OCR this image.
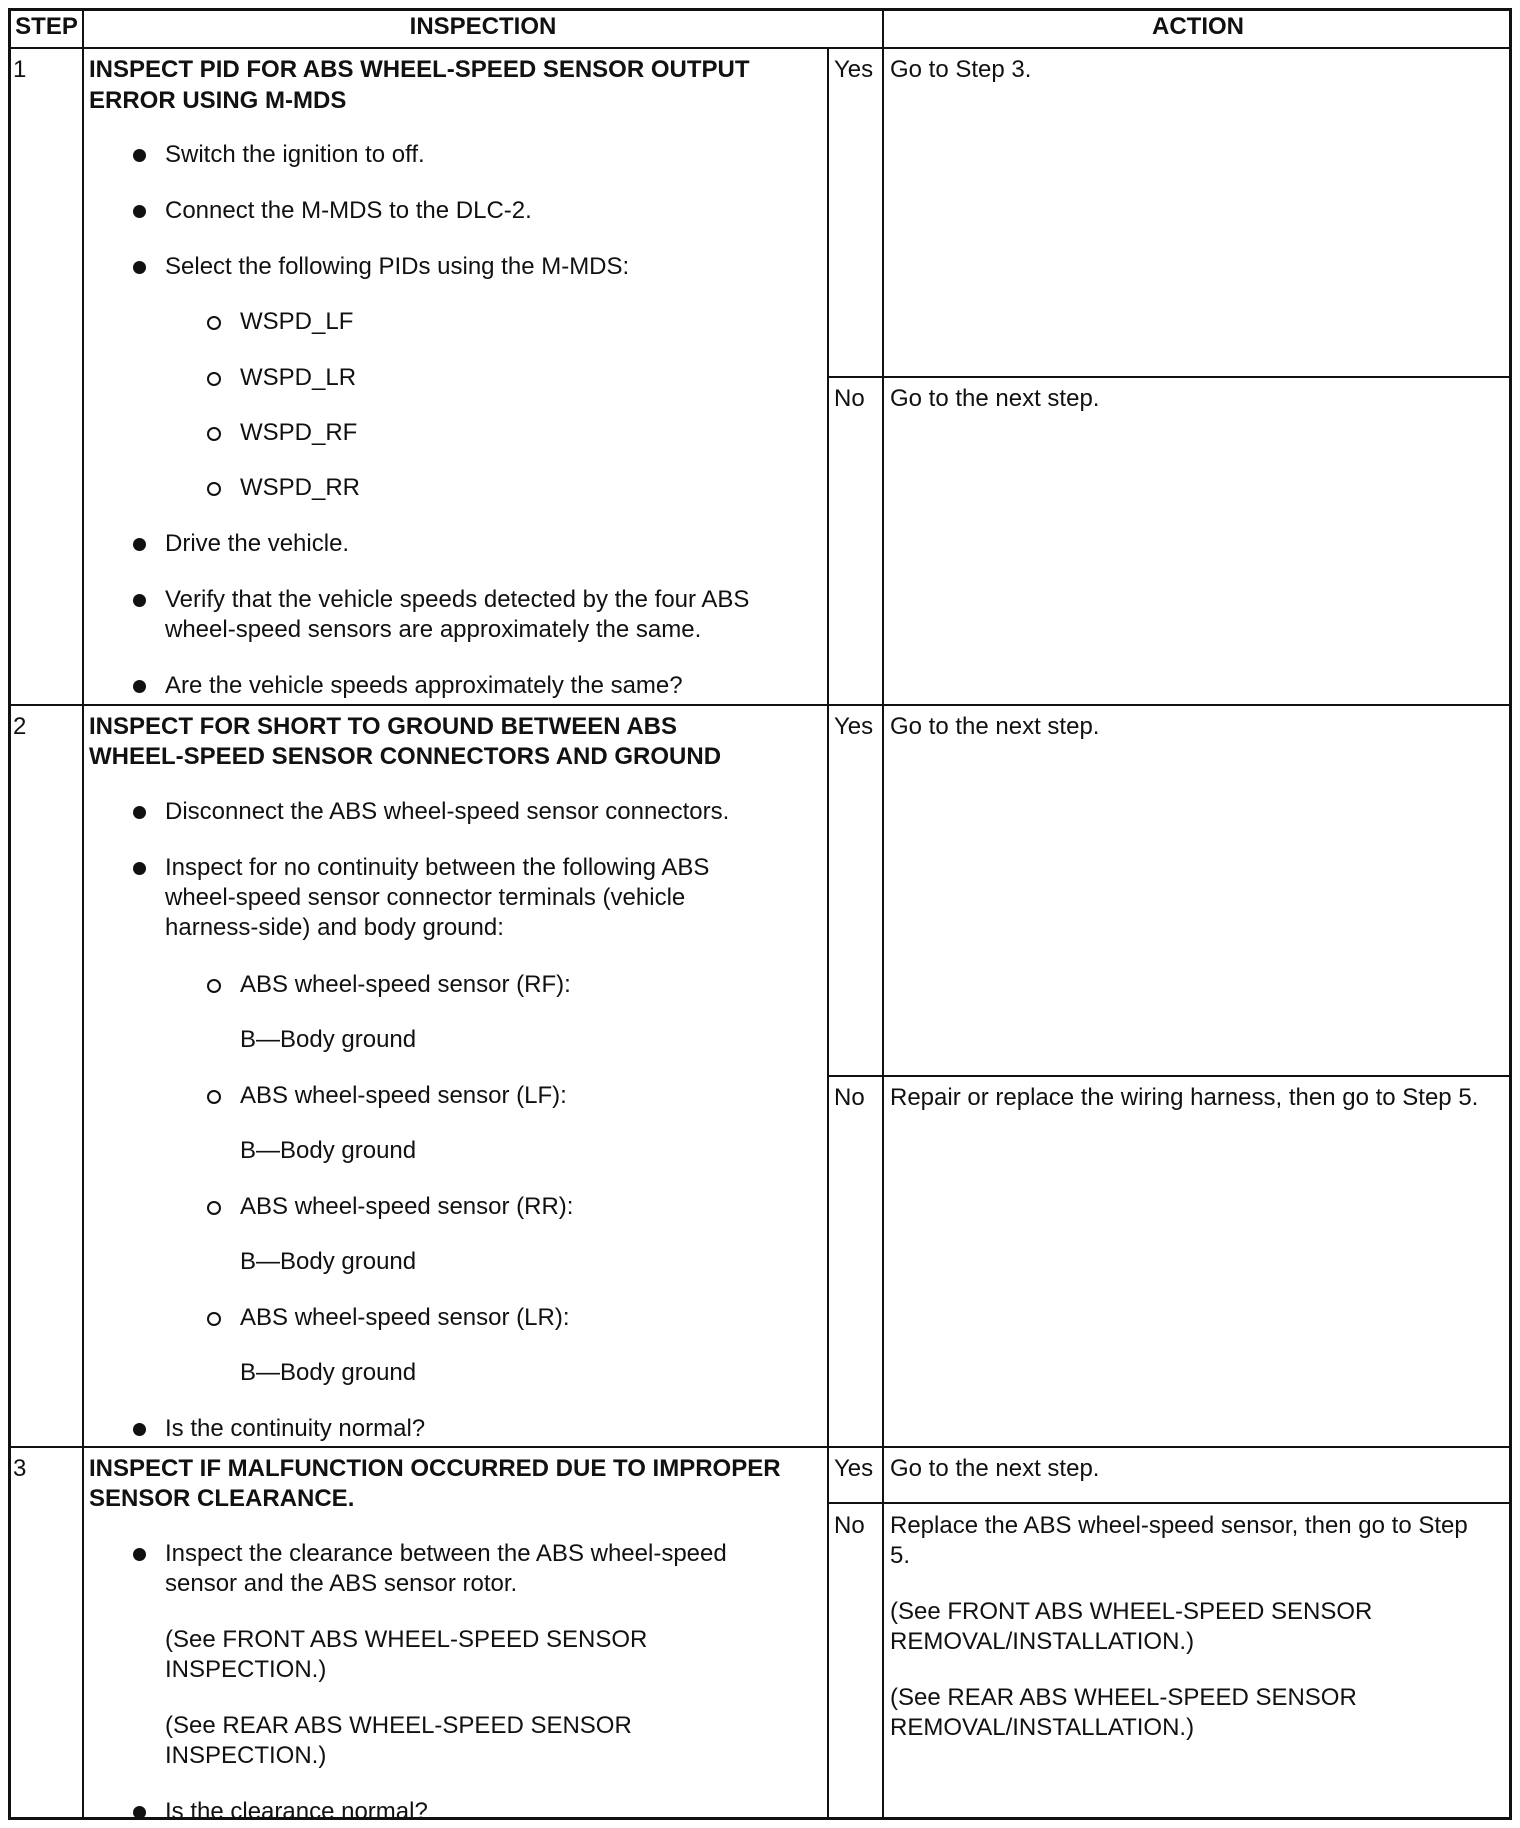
STEP	INSPECTION	ACTION
1	INSPECT PID FOR ABS WHEEL-SPEED SENSOR OUTPUT
ERROR USING M-MDS
Switch the ignition to off.
Connect the M-MDS to the DLC-2.
Select the following PIDs using the M-MDS:
WSPD_LF
WSPD_LR
WSPD_RF
WSPD_RR
Drive the vehicle.
Verify that the vehicle speeds detected by the four ABS
wheel-speed sensors are approximately the same.
Are the vehicle speeds approximately the same?
Yes Go to Step 3.
No Go to the next step.
2	INSPECT FOR SHORT TO GROUND BETWEEN ABS
WHEEL-SPEED SENSOR CONNECTORS AND GROUND
Disconnect the ABS wheel-speed sensor connectors.
Inspect for no continuity between the following ABS
wheel-speed sensor connector terminals (vehicle
harness-side) and body ground:
ABS wheel-speed sensor (RF):
B—Body ground
ABS wheel-speed sensor (LF):
B—Body ground
ABS wheel-speed sensor (RR):
B—Body ground
ABS wheel-speed sensor (LR):
B—Body ground
Is the continuity normal?
Yes Go to the next step.
No Repair or replace the wiring harness, then go to Step 5.
3	INSPECT IF MALFUNCTION OCCURRED DUE TO IMPROPER
SENSOR CLEARANCE.
Inspect the clearance between the ABS wheel-speed
sensor and the ABS sensor rotor.
(See FRONT ABS WHEEL-SPEED SENSOR
INSPECTION.)
(See REAR ABS WHEEL-SPEED SENSOR
INSPECTION.)
Is the clearance normal?
Yes Go to the next step.
No Replace the ABS wheel-speed sensor, then go to Step
5.
(See FRONT ABS WHEEL-SPEED SENSOR
REMOVAL/INSTALLATION.)
(See REAR ABS WHEEL-SPEED SENSOR
REMOVAL/INSTALLATION.)
